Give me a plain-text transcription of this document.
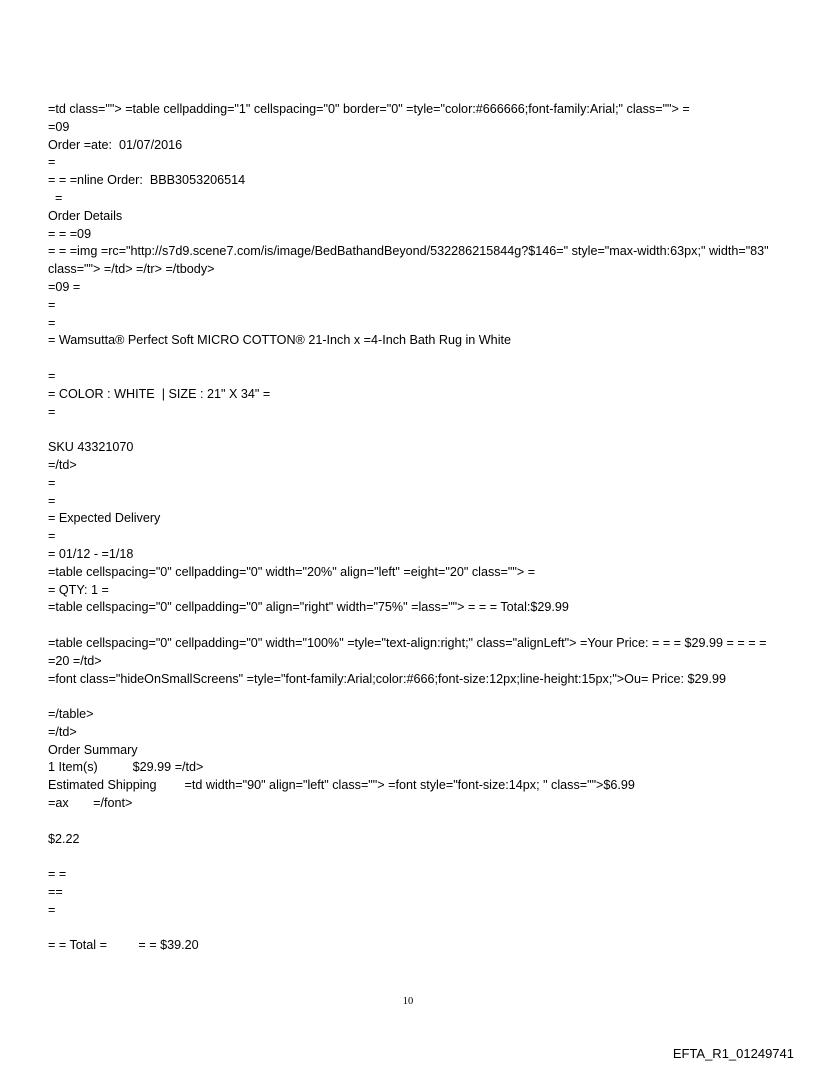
=td class=""> =table cellpadding="1" cellspacing="0" border="0" =tyle="color:#666666;font-family:Arial;" class=""> =
=09
Order =ate:  01/07/2016
=
= = =nline Order:  BBB3053206514
=
Order Details
= = =09
= = =img =rc="http://s7d9.scene7.com/is/image/BedBathandBeyond/532286215844g?$146=" style="max-width:63px;" width="83" class=""> =/td> =/tr> =/tbody>
=09 =
=
=
= Wamsutta® Perfect Soft MICRO COTTON® 21-Inch x =4-Inch Bath Rug in White
=
= COLOR : WHITE  | SIZE : 21" X 34" =
=
SKU 43321070
=/td>
=
=
= Expected Delivery
=
= 01/12 - =1/18
=table cellspacing="0" cellpadding="0" width="20%" align="left" =eight="20" class=""> =
= QTY: 1 =
=table cellspacing="0" cellpadding="0" align="right" width="75%" =lass=""> = = = Total:$29.99
=table cellspacing="0" cellpadding="0" width="100%" =tyle="text-align:right;" class="alignLeft"> =Your Price: = = = $29.99 = = = = =20 =/td>
=font class="hideOnSmallScreens" =tyle="font-family:Arial;color:#666;font-size:12px;line-height:15px;">Ou= Price: $29.99
=/table>
=/td>
Order Summary
1 Item(s)          $29.99 =/td>
Estimated Shipping        =td width="90" align="left" class=""> =font style="font-size:14px; " class="">$6.99
=ax       =/font>
$2.22
= =
==
=
= = Total =         = = $39.20
10
EFTA_R1_01249741
